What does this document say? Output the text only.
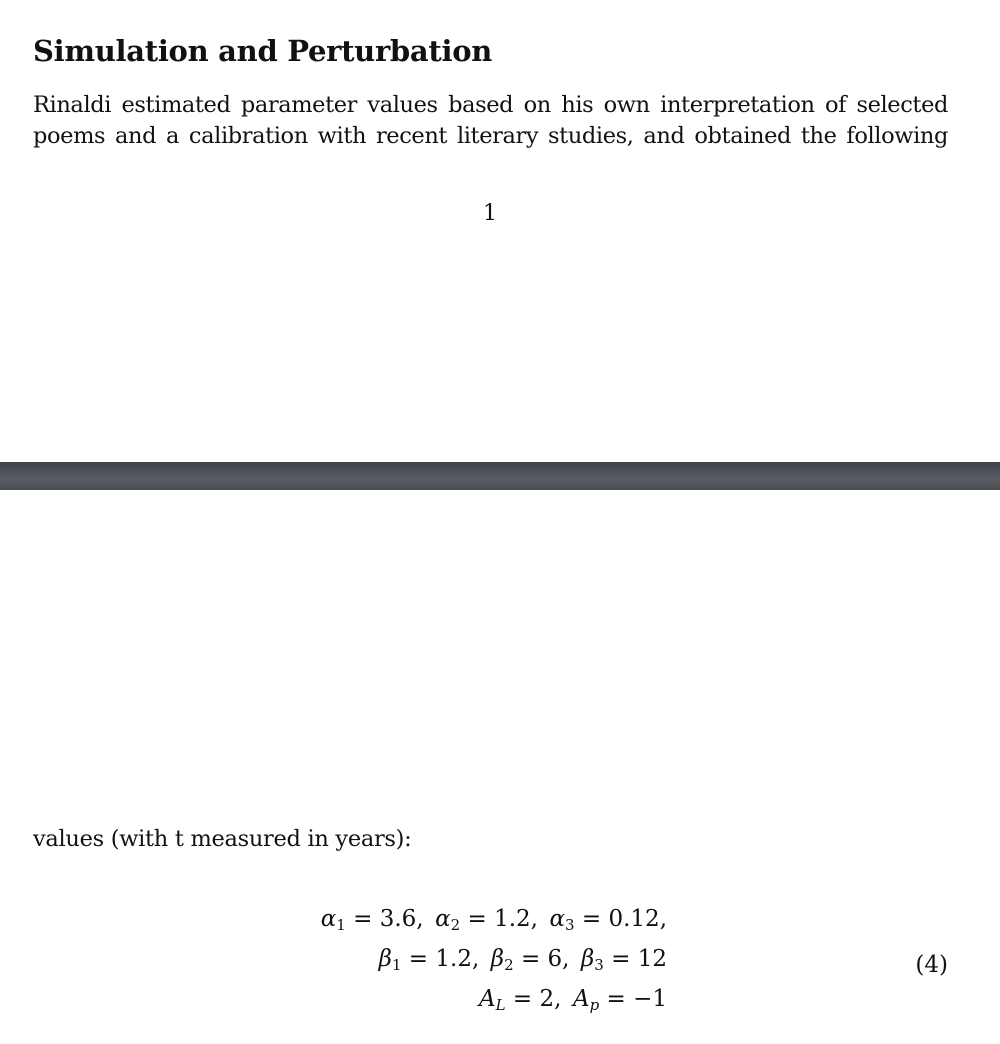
Simulation and Perturbation

Rinaldi estimated parameter values based on his own interpretation of selected
poems and a calibration with recent literary studies, and obtained the following

1
values (with t measured in years):
$\alpha_1 = 3.6$, $\alpha_2 = 1.2$, $\alpha_3 = 0.12$,
$\beta_1 = 1.2$, $\beta_2 = 6$, $\beta_3 = 12$
$A_L = 2$, $A_p = -1$
(4)
